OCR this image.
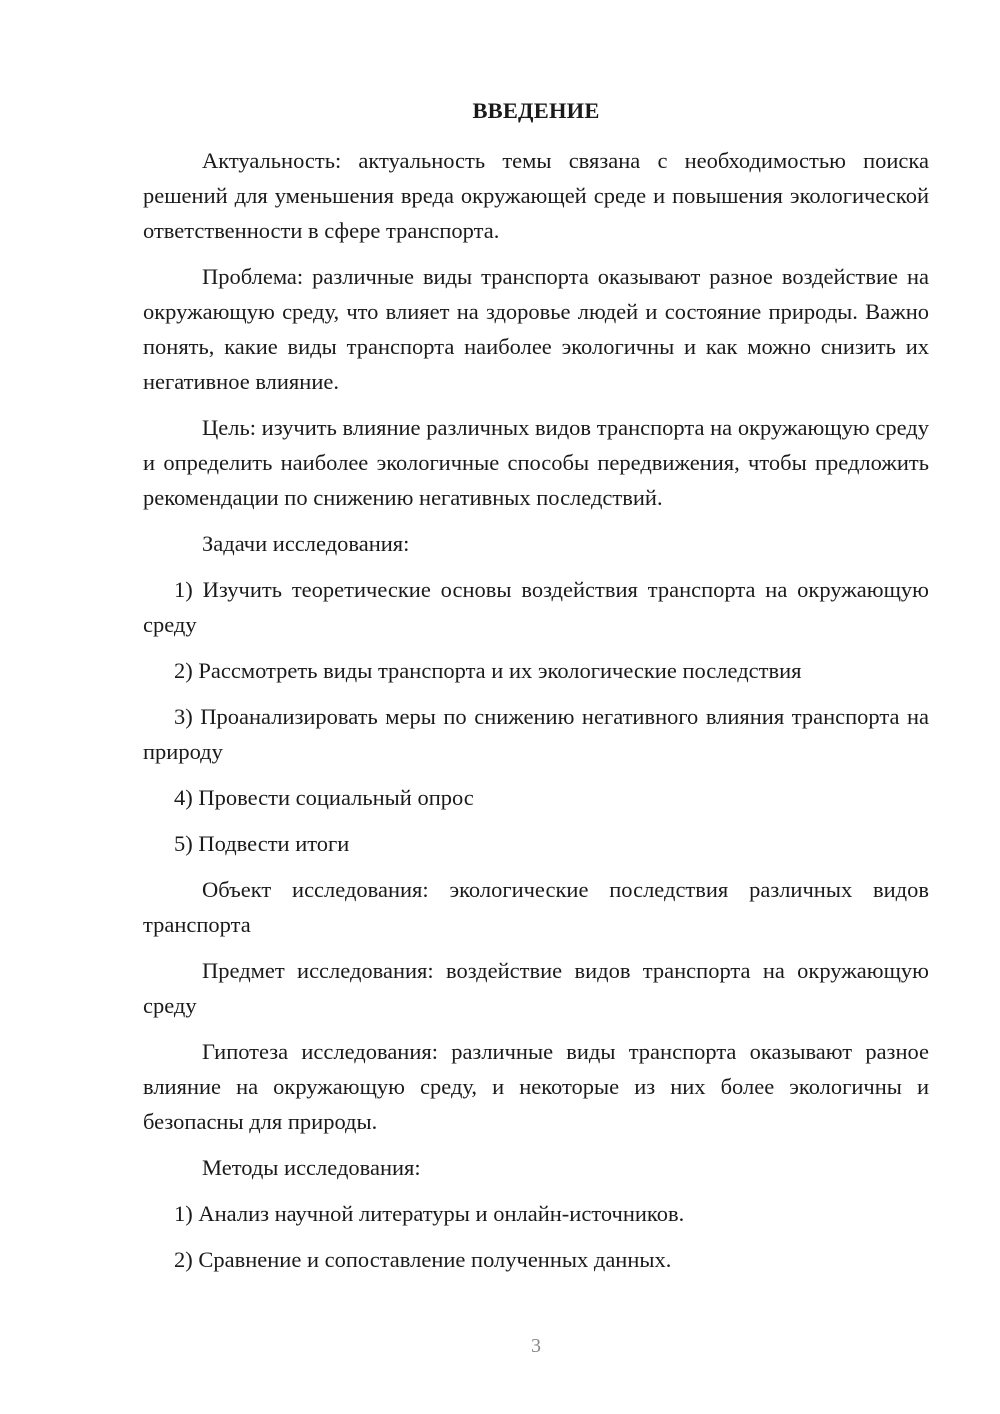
ВВЕДЕНИЕ

Актуальность: актуальность темы связана с необходимостью поиска решений для уменьшения вреда окружающей среде и повышения экологической ответственности в сфере транспорта.

Проблема: различные виды транспорта оказывают разное воздействие на окружающую среду, что влияет на здоровье людей и состояние природы. Важно понять, какие виды транспорта наиболее экологичны и как можно снизить их негативное влияние.

Цель: изучить влияние различных видов транспорта на окружающую среду и определить наиболее экологичные способы передвижения, чтобы предложить рекомендации по снижению негативных последствий.

Задачи исследования:

1) Изучить теоретические основы воздействия транспорта на окружающую среду

2) Рассмотреть виды транспорта и их экологические последствия

3) Проанализировать меры по снижению негативного влияния транспорта на природу

4) Провести социальный опрос

5) Подвести итоги

Объект исследования: экологические последствия различных видов транспорта

Предмет исследования: воздействие видов транспорта на окружающую среду

Гипотеза исследования: различные виды транспорта оказывают разное влияние на окружающую среду, и некоторые из них более экологичны и безопасны для природы.

Методы исследования:

1) Анализ научной литературы и онлайн-источников.

2) Сравнение и сопоставление полученных данных.

3
